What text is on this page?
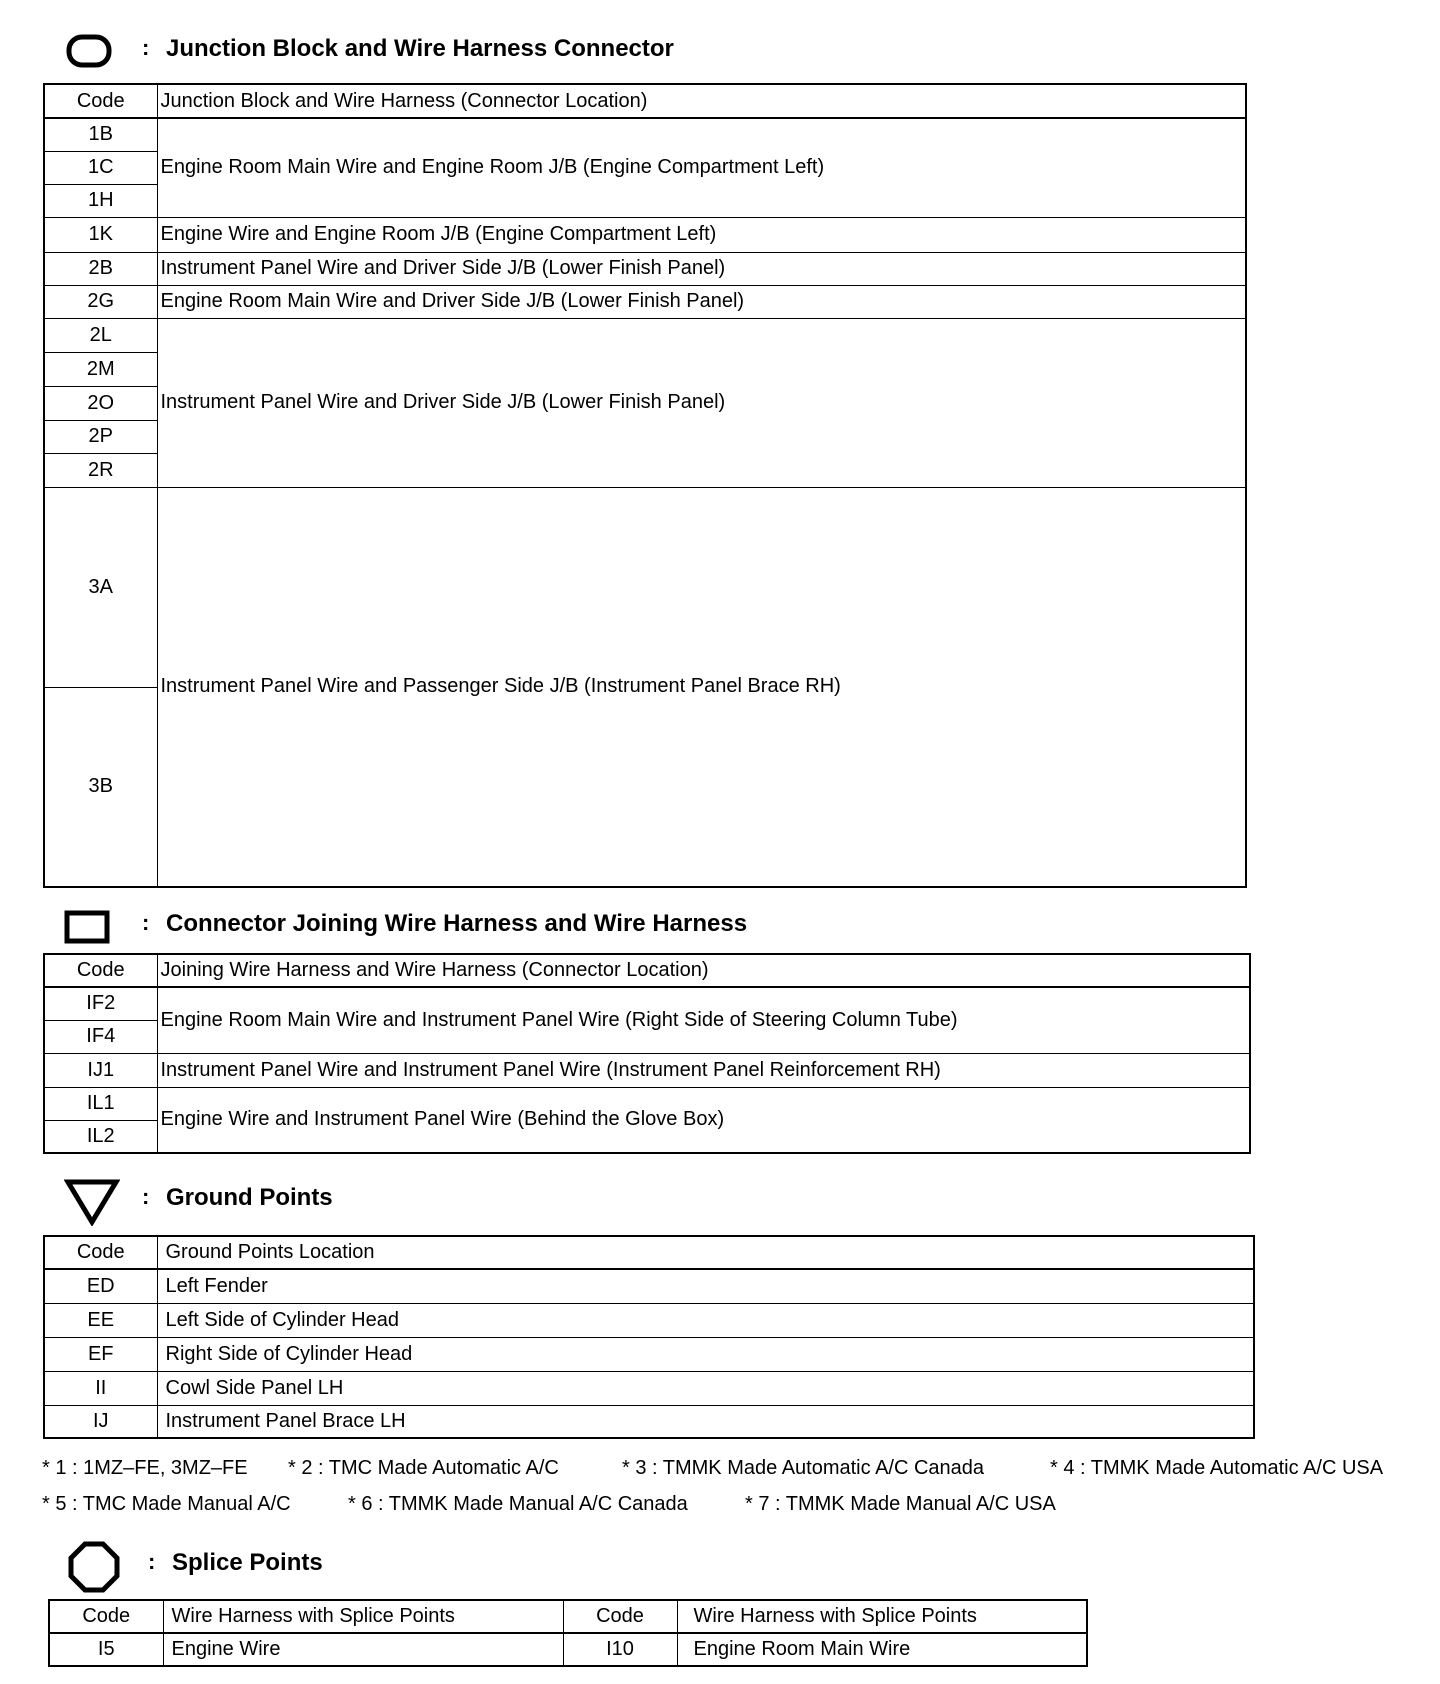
: Junction Block and Wire Harness Connector
Code	Junction Block and Wire Harness (Connector Location)
1B	Engine Room Main Wire and Engine Room J/B (Engine Compartment Left)
1C	
1H	
1K	Engine Wire and Engine Room J/B (Engine Compartment Left)
2B	Instrument Panel Wire and Driver Side J/B (Lower Finish Panel)
2G	Engine Room Main Wire and Driver Side J/B (Lower Finish Panel)
2L	Instrument Panel Wire and Driver Side J/B (Lower Finish Panel)
2M	
2O	
2P	
2R	
3A	Instrument Panel Wire and Passenger Side J/B (Instrument Panel Brace RH)
3B	
: Connector Joining Wire Harness and Wire Harness
Code	Joining Wire Harness and Wire Harness (Connector Location)
IF2	Engine Room Main Wire and Instrument Panel Wire (Right Side of Steering Column Tube)
IF4	
IJ1	Instrument Panel Wire and Instrument Panel Wire (Instrument Panel Reinforcement RH)
IL1	Engine Wire and Instrument Panel Wire (Behind the Glove Box)
IL2	
: Ground Points
Code	Ground Points Location
ED	Left Fender
EE	Left Side of Cylinder Head
EF	Right Side of Cylinder Head
II	Cowl Side Panel LH
IJ	Instrument Panel Brace LH
* 1 : 1MZ–FE, 3MZ–FE * 2 : TMC Made Automatic A/C	* 3 : TMMK Made Automatic A/C Canada	* 4 : TMMK Made Automatic A/C USA
* 5 : TMC Made Manual A/C	* 6 : TMMK Made Manual A/C Canada	* 7 : TMMK Made Manual A/C USA
: Splice Points
Code	Wire Harness with Splice Points	Code	Wire Harness with Splice Points
I5	Engine Wire	I10	Engine Room Main Wire
